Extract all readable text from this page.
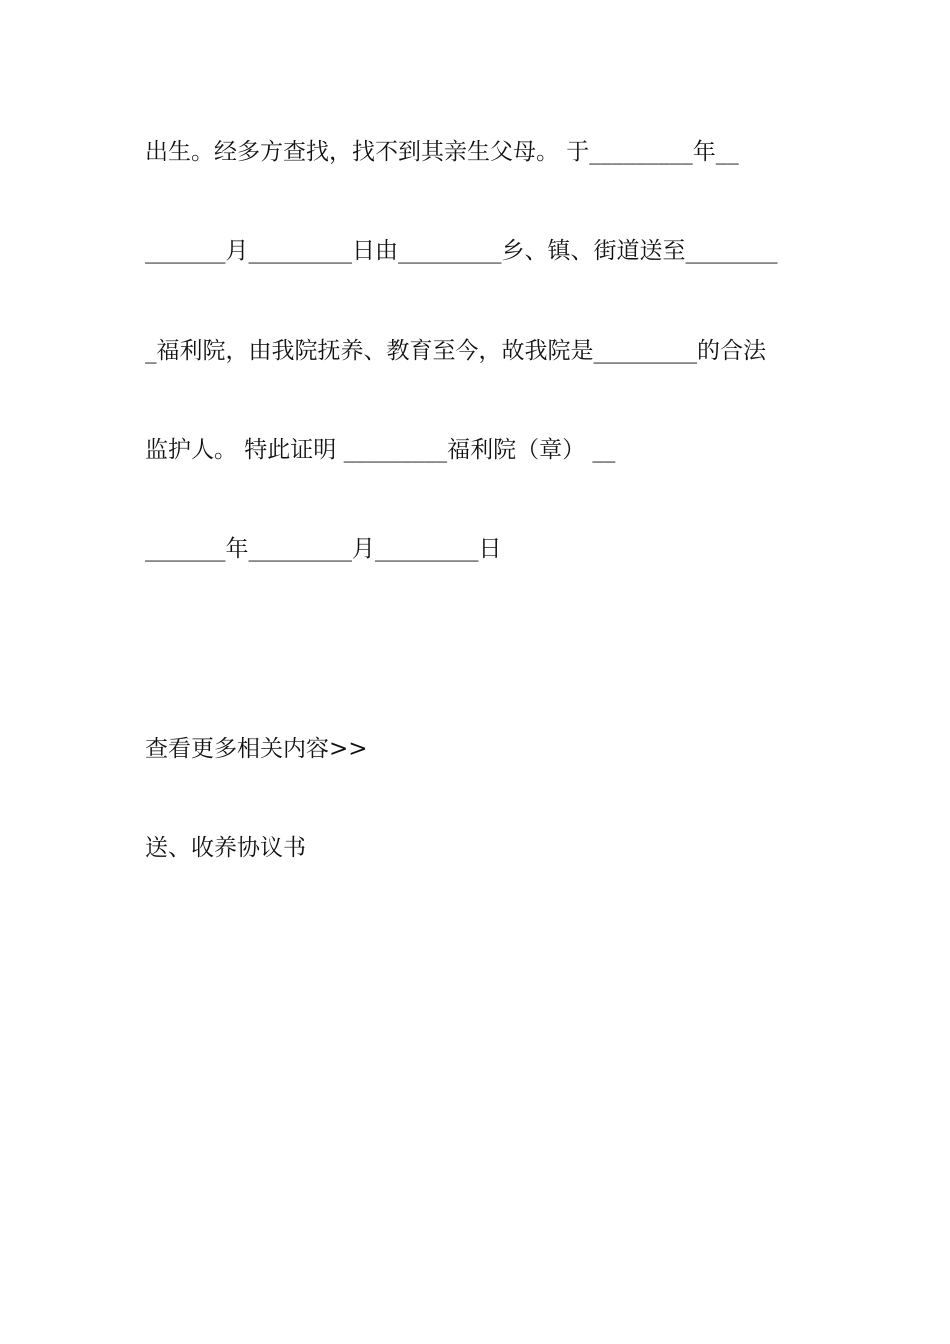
出生。经多方查找，找不到其亲生父母。 于_________年__
_______月_________日由_________乡、镇、街道送至________
_福利院，由我院抚养、教育至今，故我院是_________的合法
监护人。 特此证明 _________福利院（章） __
_______年_________月_________日
查看更多相关内容>>
送、收养协议书
